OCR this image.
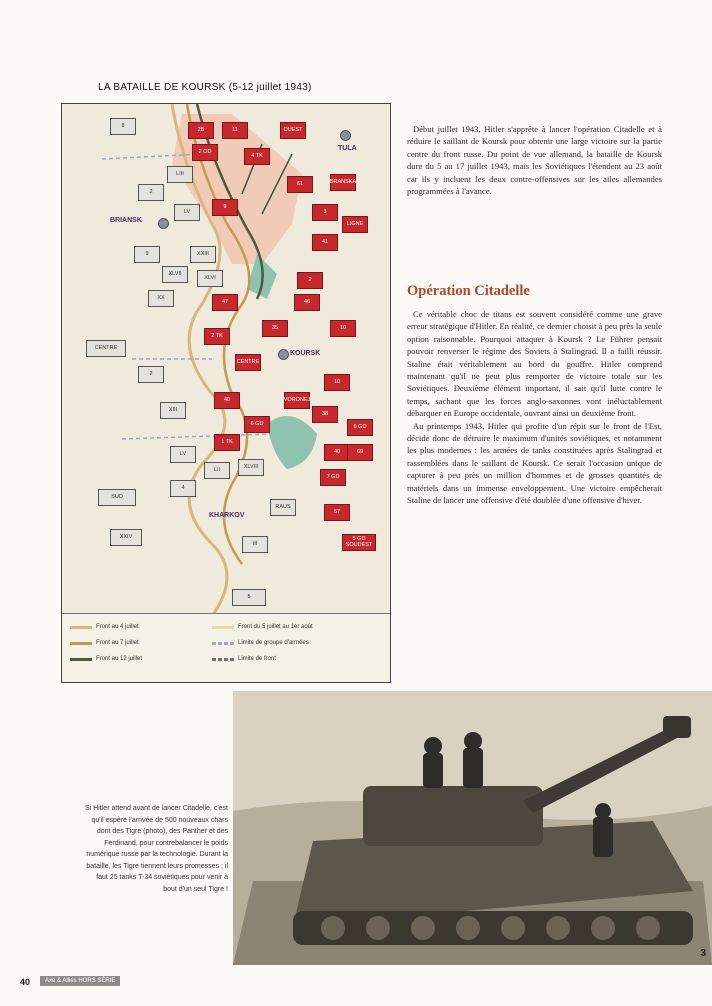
LA BATAILLE DE KOURSK (5-12 juillet 1943)
2B	11	OUEST
2 OD
4 TK
61	BRANSKA
9
3
LIGNE
41
2
47	46
35	10
2 TK
CENTRE
10
40	VORONEJ
38
6 GD	6 GD
1 TK
40	69
7 GD
57
5 GD SOUDEST
8
LIII
2
LV
XXIII
9
XLVII
XLVI
XX
CENTRE
2
XIII
LV
LII	XLVIII
4
SUD
XXIV
RAUS
III
5
TULA
BRIANSK
KOURSK
KHARKOV
Front au 4 juillet
Front au 7 juillet
Front au 12 juillet
Front du 5 juillet au 1er août
Limite de groupe d'armées
Limite de front

Début juillet 1943, Hitler s'apprête à lancer l'opération Citadelle et à réduire le saillant de Koursk pour obtenir une large victoire sur la partie centre du front russe. Du point de vue allemand, la bataille de Koursk dure du 5 au 17 juillet 1943, mais les Soviétiques l'étendent au 23 août car ils y incluent les deux contre-offensives sur les ailes allemandes programmées à l'avance.

Opération Citadelle

Ce véritable choc de titans est souvent considéré comme une grave erreur stratégique d'Hitler. En réalité, ce dernier choisit à peu près la seule option raisonnable. Pourquoi attaquer à Koursk ? Le Führer pensait pouvoir renverser le régime des Soviets à Stalingrad. Il a failli réussir. Staline était véritablement au bord du gouffre. Hitler comprend maintenant qu'il ne peut plus remporter de victoire totale sur les Soviétiques. Deuxième élément important, il sait qu'il lutte contre le temps, sachant que les forces anglo-saxonnes vont inéluctablement débarquer en Europe occidentale, ouvrant ainsi un deuxième front.

Au printemps 1943, Hitler qui profite d'un répit sur le front de l'Est, décide donc de détruire le maximum d'unités soviétiques, et notamment les plus modernes : les armées de tanks constituées après Stalingrad et rassemblées dans le saillant de Koursk. Ce serait l'occasion unique de capturer à peu près un million d'hommes et de grosses quantités de matériels dans un immense enveloppement. Une victoire empêcherait Staline de lancer une offensive d'été doublée d'une offensive d'hiver.

Si Hitler attend avant de lancer Citadelle, c'est qu'il espère l'arrivée de 500 nouveaux chars dont des Tigre (photo), des Panther et des Ferdinand, pour contrebalancer le poids numérique russe par la technologie. Durant la bataille, les Tigre tiennent leurs promesses ; il faut 25 tanks T-34 soviétiques pour venir à bout d'un seul Tigre !
3
40	Axe & Alliés HORS SÉRIE
